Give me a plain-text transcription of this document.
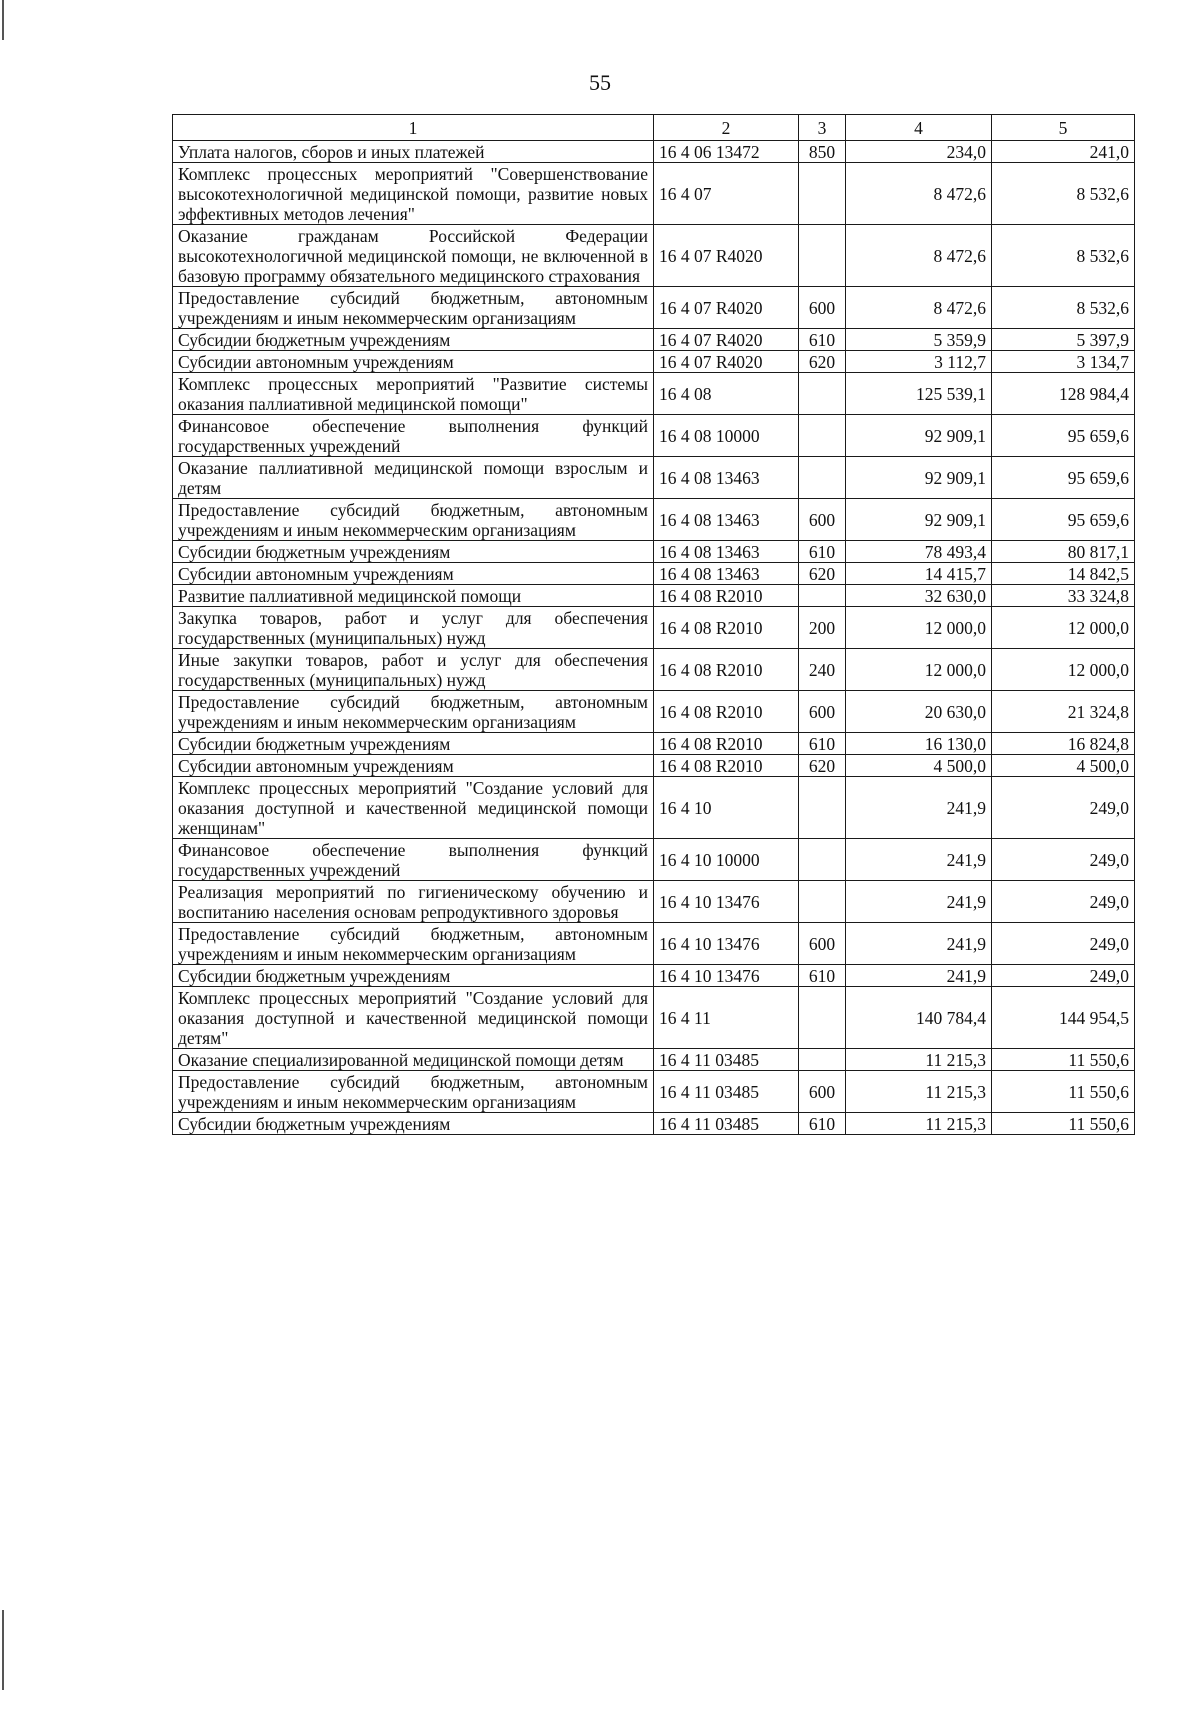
55
1	2	3	4	5
Уплата налогов, сборов и иных платежей	16 4 06 13472	850	234,0	241,0
Комплекс процессных мероприятий "Совершенствование высокотехнологичной медицинской помощи, развитие новых эффективных методов лечения"	16 4 07		8 472,6	8 532,6
Оказание гражданам Российской Федерации высокотехнологичной медицинской помощи, не включенной в базовую программу обязательного медицинского страхования	16 4 07 R4020		8 472,6	8 532,6
Предоставление субсидий бюджетным, автономным учреждениям и иным некоммерческим организациям	16 4 07 R4020	600	8 472,6	8 532,6
Субсидии бюджетным учреждениям	16 4 07 R4020	610	5 359,9	5 397,9
Субсидии автономным учреждениям	16 4 07 R4020	620	3 112,7	3 134,7
Комплекс процессных мероприятий "Развитие системы оказания паллиативной медицинской помощи"	16 4 08		125 539,1	128 984,4
Финансовое обеспечение выполнения функций государственных учреждений	16 4 08 10000		92 909,1	95 659,6
Оказание паллиативной медицинской помощи взрослым и детям	16 4 08 13463		92 909,1	95 659,6
Предоставление субсидий бюджетным, автономным учреждениям и иным некоммерческим организациям	16 4 08 13463	600	92 909,1	95 659,6
Субсидии бюджетным учреждениям	16 4 08 13463	610	78 493,4	80 817,1
Субсидии автономным учреждениям	16 4 08 13463	620	14 415,7	14 842,5
Развитие паллиативной медицинской помощи	16 4 08 R2010		32 630,0	33 324,8
Закупка товаров, работ и услуг для обеспечения государственных (муниципальных) нужд	16 4 08 R2010	200	12 000,0	12 000,0
Иные закупки товаров, работ и услуг для обеспечения государственных (муниципальных) нужд	16 4 08 R2010	240	12 000,0	12 000,0
Предоставление субсидий бюджетным, автономным учреждениям и иным некоммерческим организациям	16 4 08 R2010	600	20 630,0	21 324,8
Субсидии бюджетным учреждениям	16 4 08 R2010	610	16 130,0	16 824,8
Субсидии автономным учреждениям	16 4 08 R2010	620	4 500,0	4 500,0
Комплекс процессных мероприятий "Создание условий для оказания доступной и качественной медицинской помощи женщинам"	16 4 10		241,9	249,0
Финансовое обеспечение выполнения функций государственных учреждений	16 4 10 10000		241,9	249,0
Реализация мероприятий по гигиеническому обучению и воспитанию населения основам репродуктивного здоровья	16 4 10 13476		241,9	249,0
Предоставление субсидий бюджетным, автономным учреждениям и иным некоммерческим организациям	16 4 10 13476	600	241,9	249,0
Субсидии бюджетным учреждениям	16 4 10 13476	610	241,9	249,0
Комплекс процессных мероприятий "Создание условий для оказания доступной и качественной медицинской помощи детям"	16 4 11		140 784,4	144 954,5
Оказание специализированной медицинской помощи детям	16 4 11 03485		11 215,3	11 550,6
Предоставление субсидий бюджетным, автономным учреждениям и иным некоммерческим организациям	16 4 11 03485	600	11 215,3	11 550,6
Субсидии бюджетным учреждениям	16 4 11 03485	610	11 215,3	11 550,6
